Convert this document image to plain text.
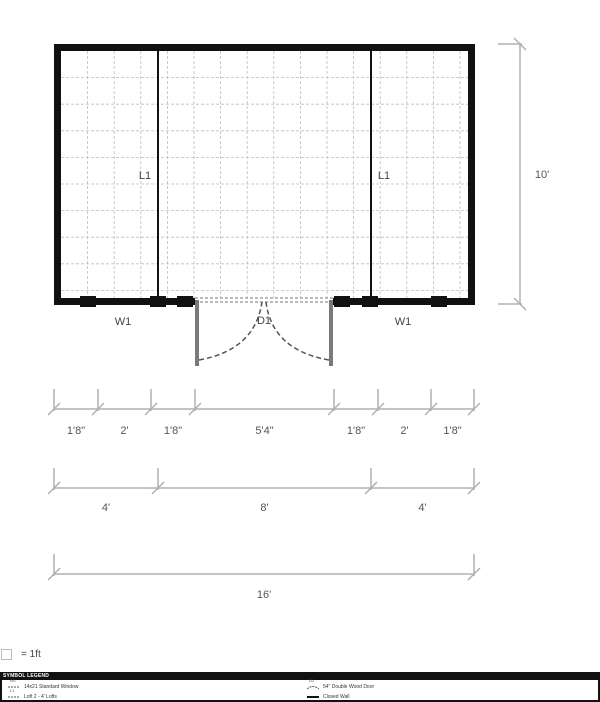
L1	L1
W1	W1
D1
10'
1'8"	2'	1'8"	5'4"	1'8"	2'	1'8"
4'	8'	4'
16'
= 1ft
SYMBOL LEGEND
W1
14x21 Standard Window
L1
Loft 2 - 4' Lofts
D1
54" Double Wood Door
Closed Wall
